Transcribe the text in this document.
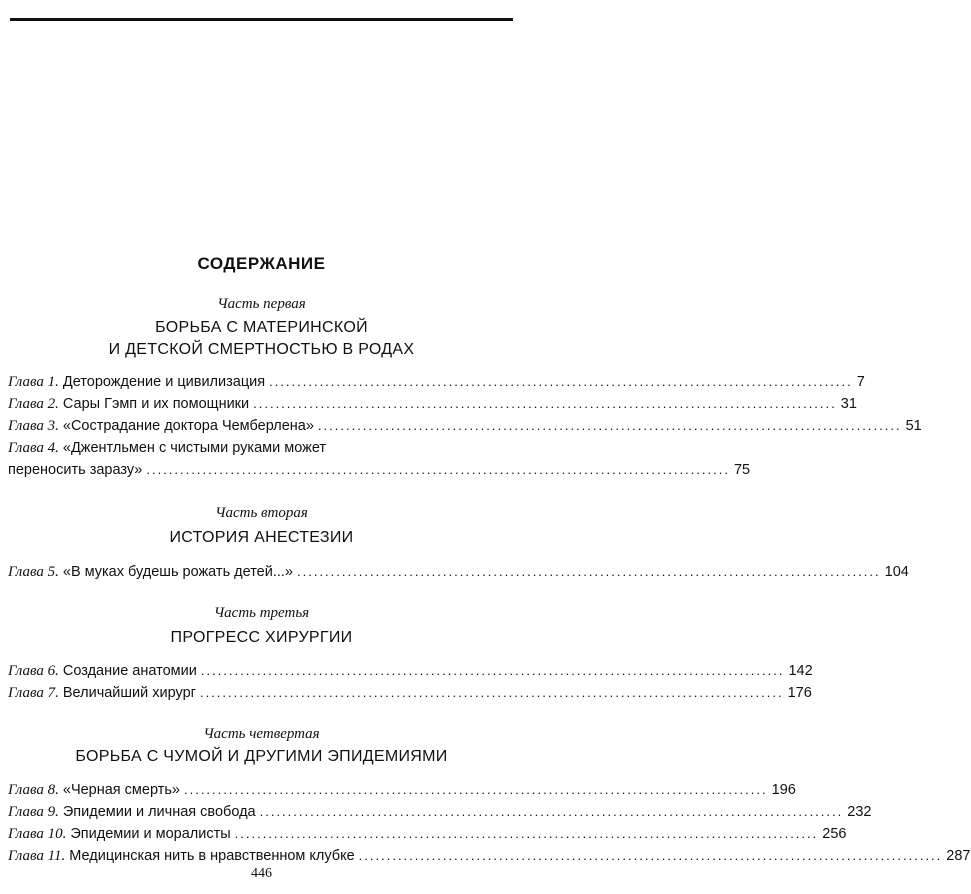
СОДЕРЖАНИЕ
Часть первая
БОРЬБА С МАТЕРИНСКОЙ
И ДЕТСКОЙ СМЕРТНОСТЬЮ В РОДАХ
Глава 1. Деторождение и цивилизация ........................................................................................................ 7
Глава 2. Сары Гэмп и их помощники ........................................................................................................ 31
Глава 3. «Сострадание доктора Чемберлена» ........................................................................................................ 51
Глава 4. «Джентльмен с чистыми руками может
переносить заразу» ........................................................................................................ 75
Часть вторая
ИСТОРИЯ АНЕСТЕЗИИ
Глава 5. «В муках будешь рожать детей...» ........................................................................................................ 104
Часть третья
ПРОГРЕСС ХИРУРГИИ
Глава 6. Создание анатомии ........................................................................................................ 142
Глава 7. Величайший хирург ........................................................................................................ 176
Часть четвертая
БОРЬБА С ЧУМОЙ И ДРУГИМИ ЭПИДЕМИЯМИ
Глава 8. «Черная смерть» ........................................................................................................ 196
Глава 9. Эпидемии и личная свобода ........................................................................................................ 232
Глава 10. Эпидемии и моралисты ........................................................................................................ 256
Глава 11. Медицинская нить в нравственном клубке ........................................................................................................ 287
446
